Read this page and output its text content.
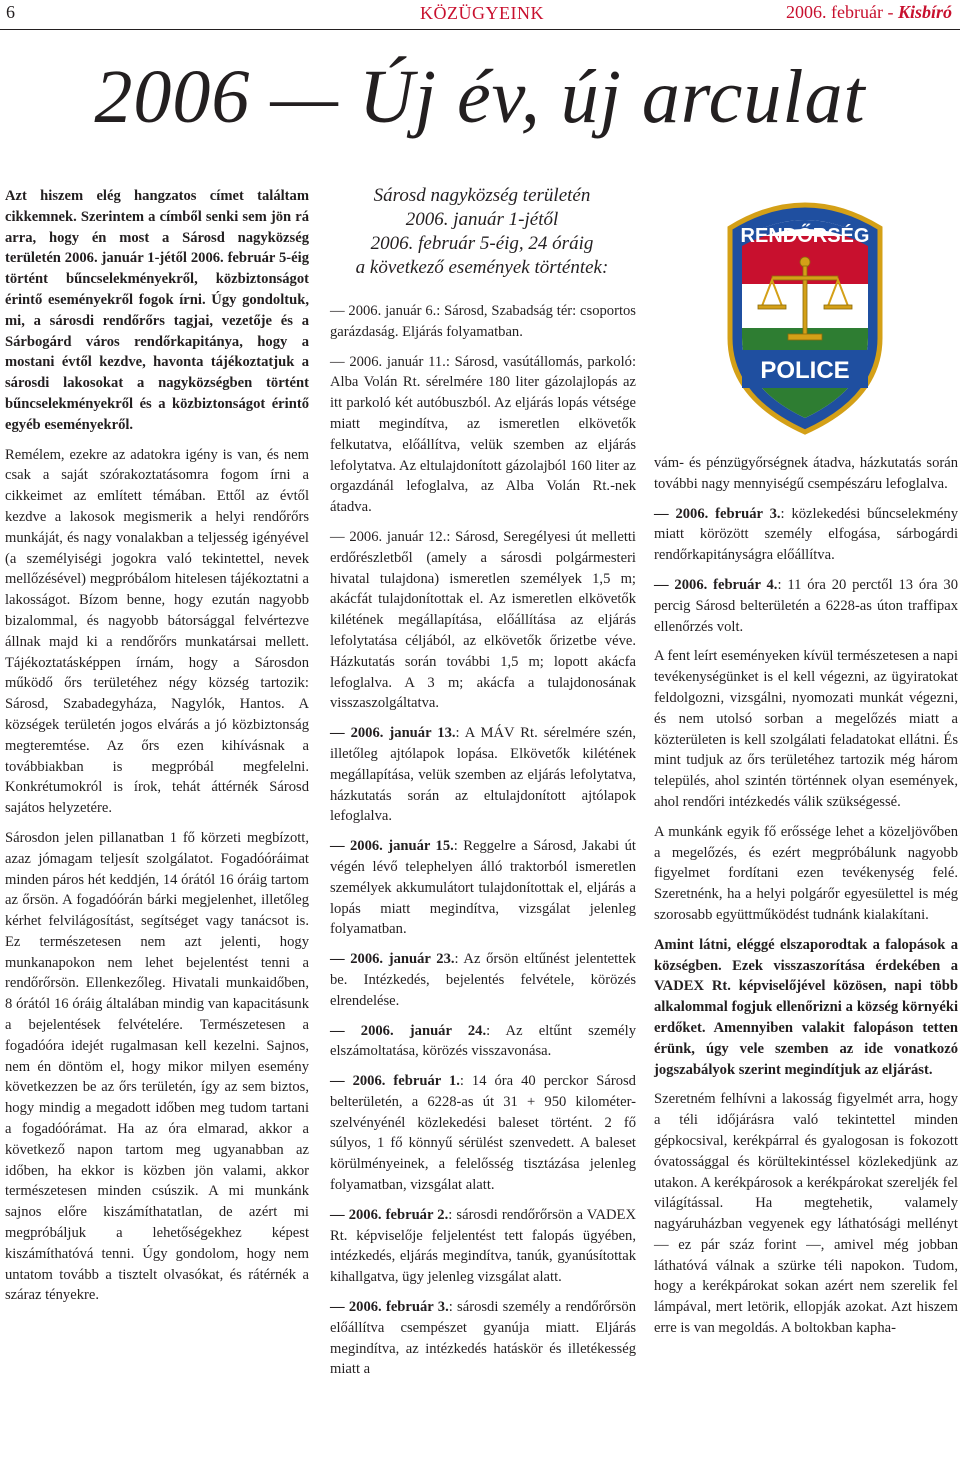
6	KÖZÜGYEINK	2006. február - Kisbíró
2006 — Új év, új arculat

Azt hiszem elég hangzatos címet találtam cikkemnek. Szerintem a címből senki sem jön rá arra, hogy én most a Sárosd nagyközség területén 2006. január 1-jétől 2006. február 5-éig történt bűncselekményekről, közbiztonságot érintő eseményekről fogok írni. Úgy gondoltuk, mi, a sárosdi rendőrőrs tagjai, vezetője és a Sárbogárd város rendőrkapitánya, hogy a mostani évtől kezdve, havonta tájékoztatjuk a sárosdi lakosokat a nagyközségben történt bűncselekményekről és a közbiztonságot érintő egyéb eseményekről.

Remélem, ezekre az adatokra igény is van, és nem csak a saját szórakoztatásomra fogom írni a cikkeimet az említett témában. Ettől az évtől kezdve a lakosok megismerik a helyi rendőrőrs munkáját, és nagy vonalakban a teljesség igényével (a személyiségi jogokra való tekintettel, nevek mellőzésével) megpróbálom hitelesen tájékoztatni a lakosságot. Bízom benne, hogy ezután nagyobb bizalommal, és nagyobb bátorsággal felvértezve állnak majd ki a rendőrőrs munkatársai mellett. Tájékoztatásképpen írnám, hogy a Sárosdon működő őrs területéhez négy község tartozik: Sárosd, Szabadegyháza, Nagylók, Hantos. A községek területén jogos elvárás a jó közbiztonság megteremtése. Az őrs ezen kihívásnak a továbbiakban is megpróbál megfelelni. Konkrétumokról is írok, tehát áttérnék Sárosd sajátos helyzetére.

Sárosdon jelen pillanatban 1 fő körzeti megbízott, azaz jómagam teljesít szolgálatot. Fogadóóráimat minden páros hét keddjén, 14 órától 16 óráig tartom az őrsön. A fogadóórán bárki megjelenhet, illetőleg kérhet felvilágosítást, segítséget vagy tanácsot is. Ez természetesen nem azt jelenti, hogy munkanapokon nem lehet bejelentést tenni a rendőrőrsön. Ellenkezőleg. Hivatali munkaidőben, 8 órától 16 óráig általában mindig van kapacitásunk a bejelentések felvételére. Természetesen a fogadóóra idejét rugalmasan kell kezelni. Sajnos, nem én döntöm el, hogy mikor milyen esemény következzen be az őrs területén, így az sem biztos, hogy mindig a megadott időben meg tudom tartani a fogadóórámat. Ha az óra elmarad, akkor a következő napon tartom meg ugyanabban az időben, ha ekkor is közben jön valami, akkor természetesen minden csúszik. A mi munkánk sajnos előre kiszámíthatatlan, de azért mi megpróbáljuk a lehetőségekhez képest kiszámíthatóvá tenni. Úgy gondolom, hogy nem untatom tovább a tisztelt olvasókat, és rátérnék a száraz tényekre.

Sárosd nagyközség területén
2006. január 1-jétől
2006. február 5-éig, 24 óráig
a következő események történtek:
RENDŐRSÉG
POLICE

— 2006. január 6.: Sárosd, Szabadság tér: csoportos garázdaság. Eljárás folyamatban.

— 2006. január 11.: Sárosd, vasútállomás, parkoló: Alba Volán Rt. sérelmére 180 liter gázolajlopás az itt parkoló két autóbuszból. Az eljárás lopás vétsége miatt megindítva, az ismeretlen elkövetők felkutatva, előállítva, velük szemben az eljárás lefolytatva. Az eltulajdonított gázolajból 160 liter az orgazdánál lefoglalva, az Alba Volán Rt.-nek átadva.

— 2006. január 12.: Sárosd, Seregélyesi út melletti erdőrészletből (amely a sárosdi polgármesteri hivatal tulajdona) ismeretlen személyek 1,5 m; akácfát tulajdonítottak el. Az ismeretlen elkövetők kilétének megállapítása, előállítása az eljárás lefolytatása céljából, az elkövetők őrizetbe véve. Házkutatás során további 1,5 m; lopott akácfa lefoglalva. A 3 m; akácfa a tulajdonosának visszaszolgáltatva.

— 2006. január 13.: A MÁV Rt. sérelmére szén, illetőleg ajtólapok lopása. Elkövetők kilétének megállapítása, velük szemben az eljárás lefolytatva, házkutatás során az eltulajdonított ajtólapok lefoglalva.

— 2006. január 15.: Reggelre a Sárosd, Jakabi út végén lévő telephelyen álló traktorból ismeretlen személyek akkumulátort tulajdonítottak el, eljárás a lopás miatt megindítva, vizsgálat jelenleg folyamatban.

— 2006. január 23.: Az őrsön eltűnést jelentettek be. Intézkedés, bejelentés felvétele, körözés elrendelése.

— 2006. január 24.: Az eltűnt személy elszámoltatása, körözés visszavonása.

— 2006. február 1.: 14 óra 40 perckor Sárosd belterületén, a 6228-as út 31 + 950 kilométer- szelvényénél közlekedési baleset történt. 2 fő súlyos, 1 fő könnyű sérülést szenvedett. A baleset körülményeinek, a felelősség tisztázása jelenleg folyamatban, vizsgálat alatt.

— 2006. február 2.: sárosdi rendőrőrsön a VADEX Rt. képviselője feljelentést tett falopás ügyében, intézkedés, eljárás megindítva, tanúk, gyanúsítottak kihallgatva, ügy jelenleg vizsgálat alatt.

— 2006. február 3.: sárosdi személy a rendőrőrsön előállítva csempészet gyanúja miatt. Eljárás megindítva, az intézkedés hatáskör és illetékesség miatt a

vám- és pénzügyőrségnek átadva, házkutatás során további nagy mennyiségű csempészáru lefoglalva.

— 2006. február 3.: közlekedési bűncselekmény miatt körözött személy elfogása, sárbogárdi rendőrkapitányságra előállítva.

— 2006. február 4.: 11 óra 20 perctől 13 óra 30 percig Sárosd belterületén a 6228-as úton traffipax ellenőrzés volt.

A fent leírt eseményeken kívül természetesen a napi tevékenységünket is el kell végezni, az ügyiratokat feldolgozni, vizsgálni, nyomozati munkát végezni, és nem utolsó sorban a megelőzés miatt a közterületen is kell szolgálati feladatokat ellátni. És mint tudjuk az őrs területéhez tartozik még három település, ahol szintén történnek olyan események, ahol rendőri intézkedés válik szükségessé.

A munkánk egyik fő erőssége lehet a közeljövőben a megelőzés, és ezért megpróbálunk nagyobb figyelmet fordítani ezen tevékenység felé. Szeretnénk, ha a helyi polgárőr egyesülettel is még szorosabb együttműködést tudnánk kialakítani.

Amint látni, eléggé elszaporodtak a falopások a községben. Ezek visszaszorítása érdekében a VADEX Rt. képviselőjével közösen, napi több alkalommal fogjuk ellenőrizni a község környéki erdőket. Amennyiben valakit falopáson tetten érünk, úgy vele szemben az ide vonatkozó jogszabályok szerint megindítjuk az eljárást.

Szeretném felhívni a lakosság figyelmét arra, hogy a téli időjárásra való tekintettel minden gépkocsival, kerékpárral és gyalogosan is fokozott óvatossággal és körültekintéssel közlekedjünk az utakon. A kerékpárosok a kerékpárokat szereljék fel világítással. Ha megtehetik, valamely nagyáruházban vegyenek egy láthatósági mellényt — ez pár száz forint —, amivel még jobban láthatóvá válnak a szürke téli napokon. Tudom, hogy a kerékpárokat sokan azért nem szerelik fel lámpával, mert letörik, ellopják azokat. Azt hiszem erre is van megoldás. A boltokban kapha-
